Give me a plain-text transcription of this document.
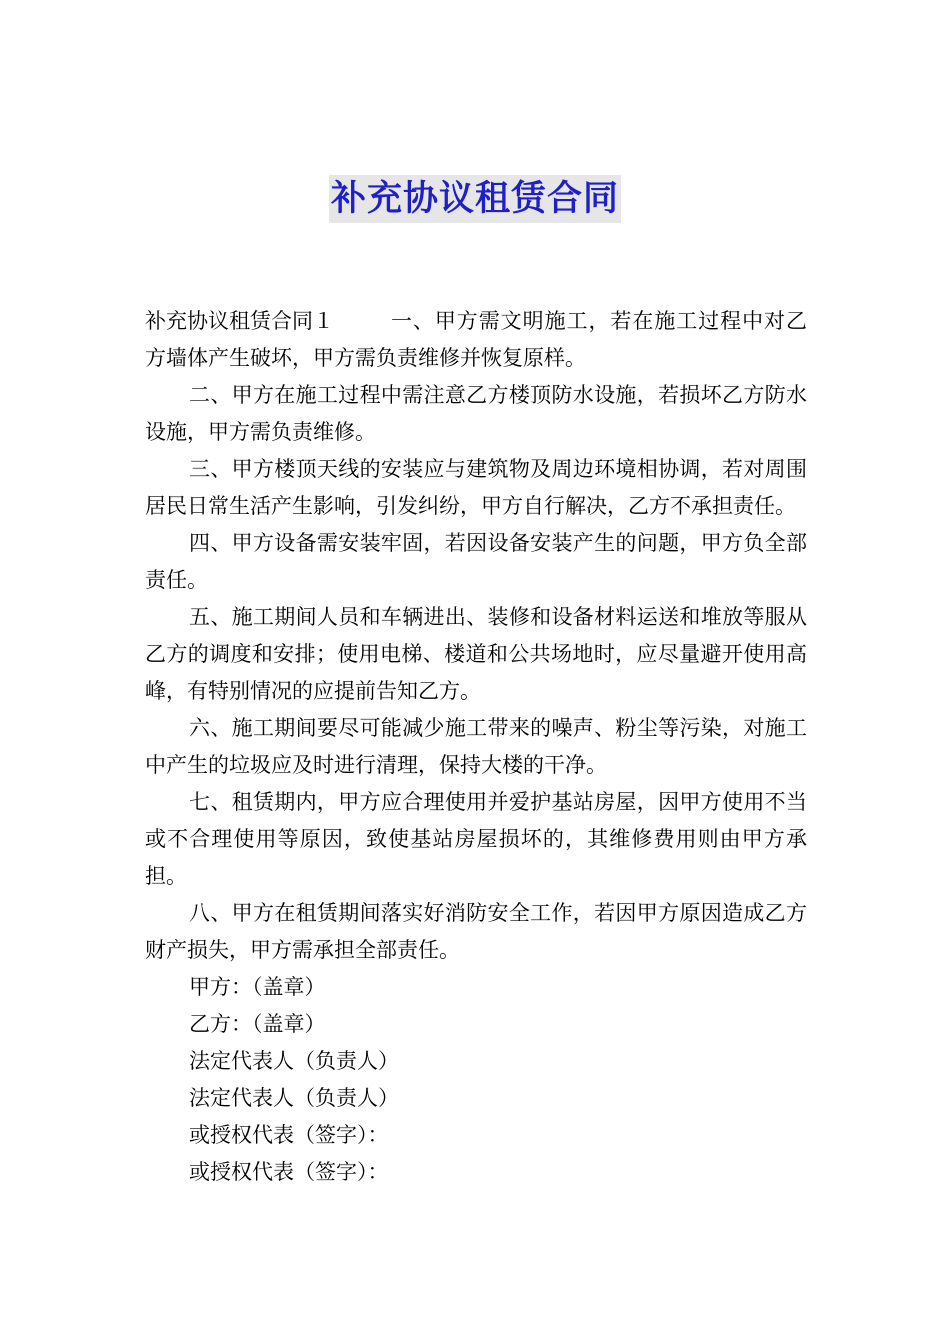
补充协议租赁合同

补充协议租赁合同１	一、甲方需文明施工，若在施工过程中对乙方墙体产生破坏，甲方需负责维修并恢复原样。

二、甲方在施工过程中需注意乙方楼顶防水设施，若损坏乙方防水设施，甲方需负责维修。

三、甲方楼顶天线的安装应与建筑物及周边环境相协调，若对周围居民日常生活产生影响，引发纠纷，甲方自行解决，乙方不承担责任。

四、甲方设备需安装牢固，若因设备安装产生的问题，甲方负全部责任。

五、施工期间人员和车辆进出、装修和设备材料运送和堆放等服从乙方的调度和安排；使用电梯、楼道和公共场地时，应尽量避开使用高峰，有特别情况的应提前告知乙方。

六、施工期间要尽可能减少施工带来的噪声、粉尘等污染，对施工中产生的垃圾应及时进行清理，保持大楼的干净。

七、租赁期内，甲方应合理使用并爱护基站房屋，因甲方使用不当或不合理使用等原因，致使基站房屋损坏的，其维修费用则由甲方承担。

八、甲方在租赁期间落实好消防安全工作，若因甲方原因造成乙方财产损失，甲方需承担全部责任。

甲方：（盖章）

乙方：（盖章）

法定代表人（负责人）

法定代表人（负责人）

或授权代表（签字）：

或授权代表（签字）：
